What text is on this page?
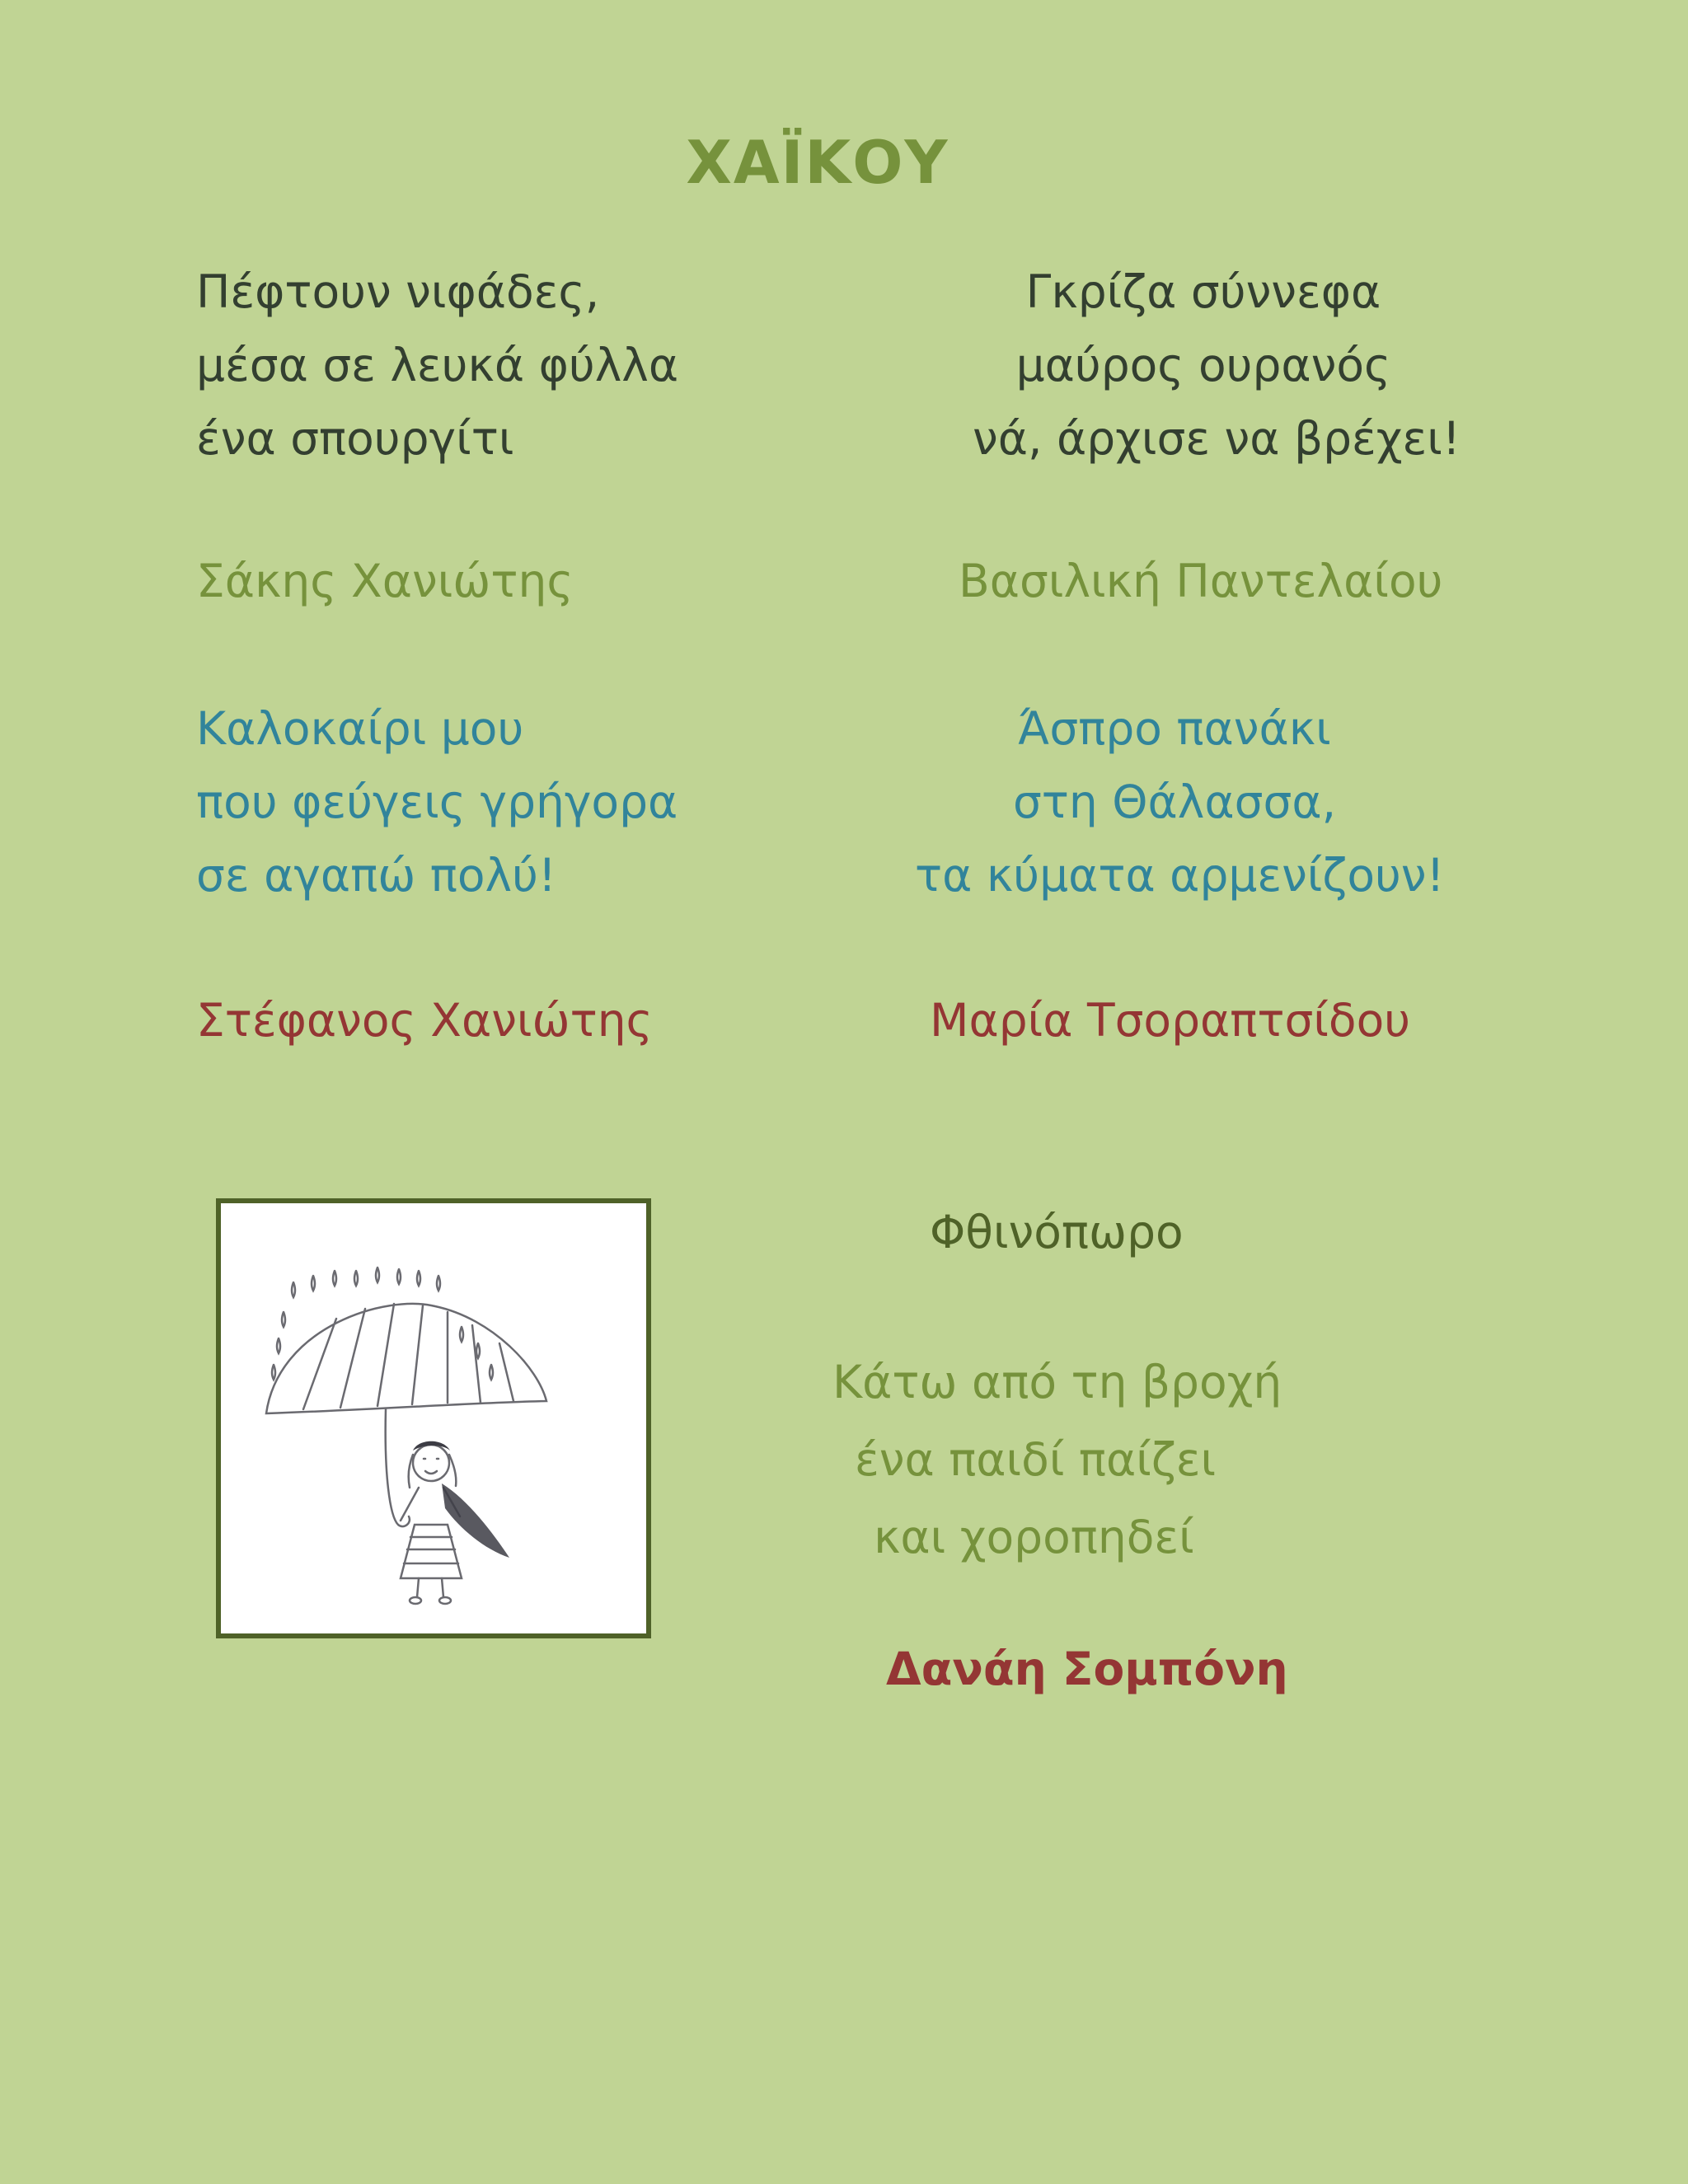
ΧΑΪΚΟΥ
Πέφτουν νιφάδες,
μέσα σε λευκά φύλλα
ένα σπουργίτι
Σάκης Χανιώτης
Γκρίζα σύννεφα
μαύρος ουρανός
νά, άρχισε να βρέχει!
Βασιλική Παντελαίου
Καλοκαίρι μου
που φεύγεις γρήγορα
σε αγαπώ πολύ!
Στέφανος Χανιώτης
Άσπρο πανάκι
στη Θάλασσα,
τα κύματα αρμενίζουν!
Μαρία Τσοραπτσίδου
Φθινόπωρο
Κάτω από τη βροχή
ένα παιδί παίζει
και χοροπηδεί
Δανάη Σομπόνη
